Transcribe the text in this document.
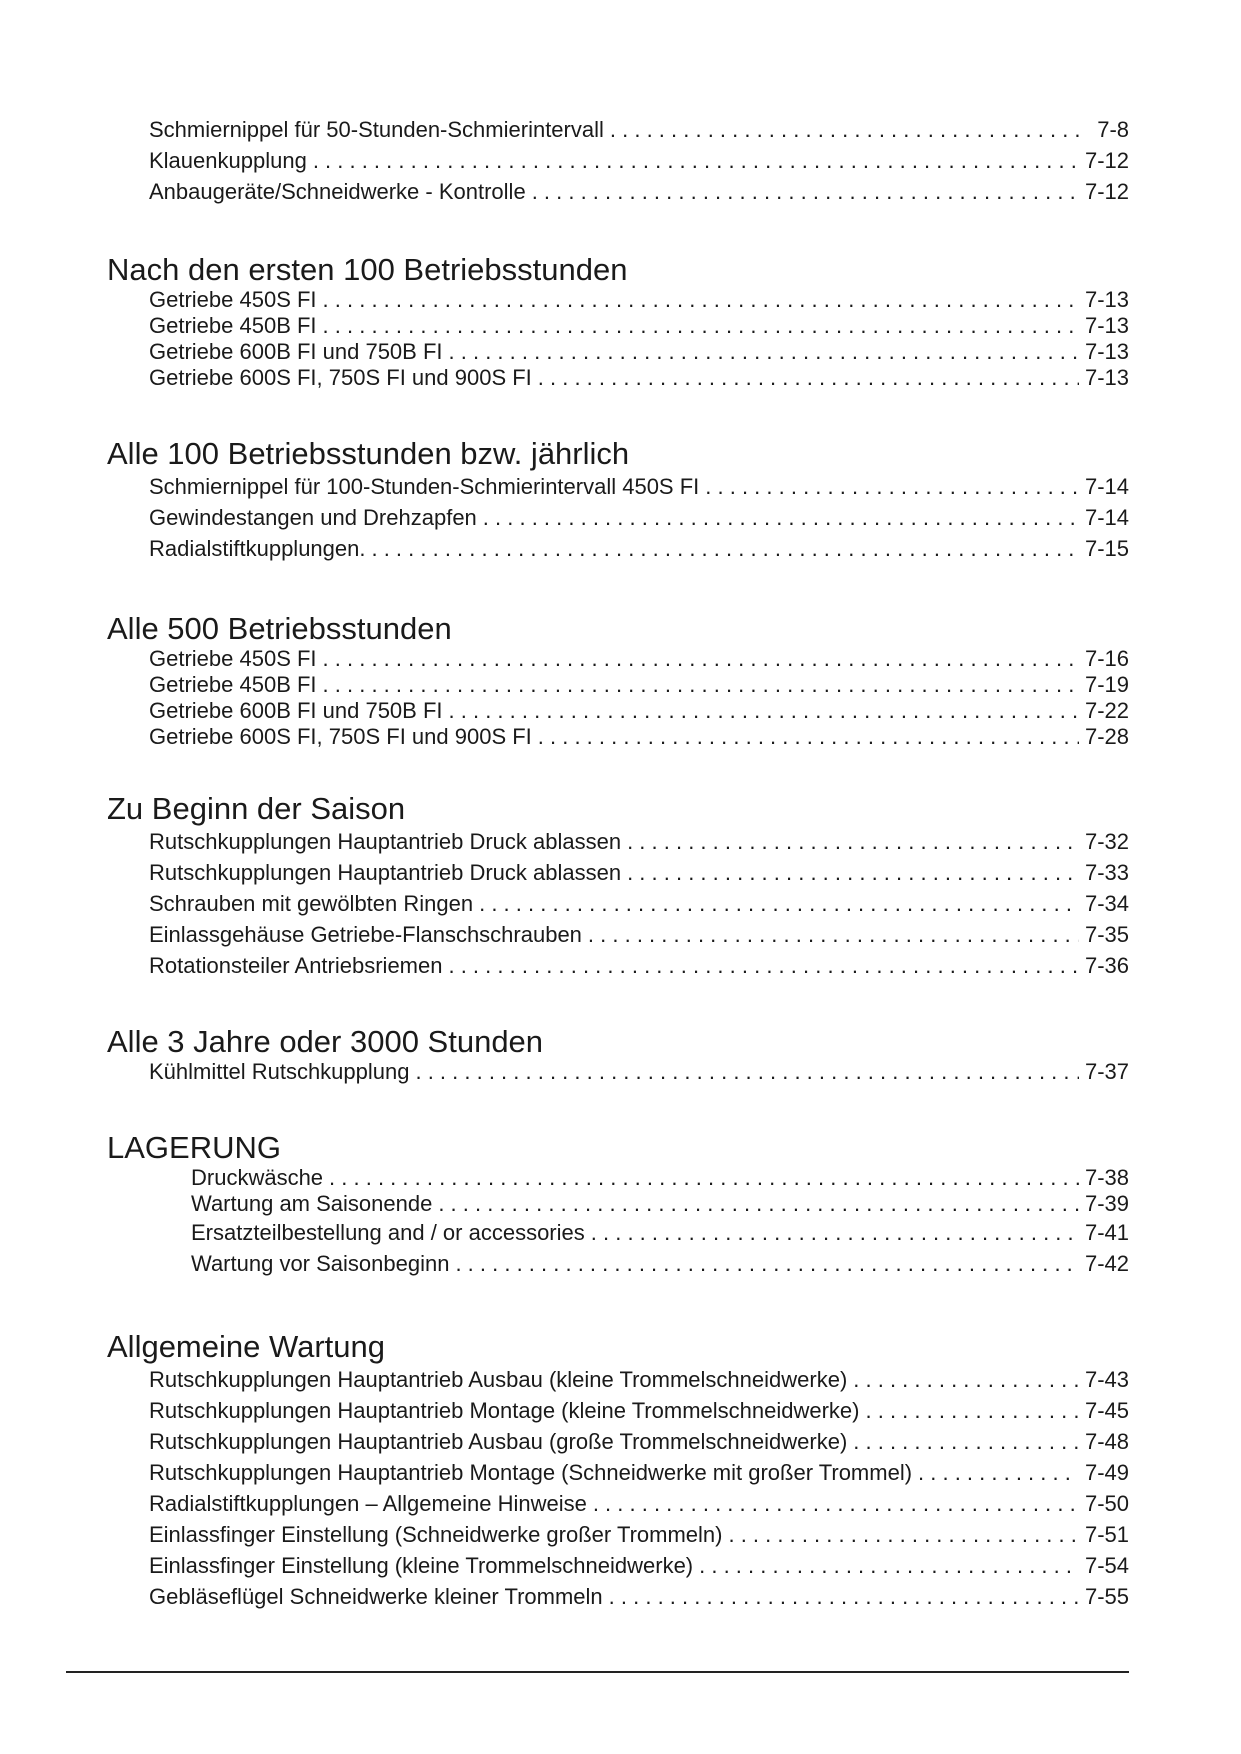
Schmiernippel für 50-Stunden-Schmierintervall . . .	7-8
Klauenkupplung . . .	7-12
Anbaugeräte/Schneidwerke - Kontrolle . . .	7-12
Nach den ersten 100 Betriebsstunden
Getriebe 450S FI . . .	7-13
Getriebe 450B FI . . .	7-13
Getriebe 600B FI und 750B FI . . .	7-13
Getriebe 600S FI, 750S FI und 900S FI . . .	7-13
Alle 100 Betriebsstunden bzw. jährlich
Schmiernippel für 100-Stunden-Schmierintervall 450S FI . . .	7-14
Gewindestangen und Drehzapfen . . .	7-14
Radialstiftkupplungen. . . .	7-15
Alle 500 Betriebsstunden
Getriebe 450S FI . . .	7-16
Getriebe 450B FI . . .	7-19
Getriebe 600B FI und 750B FI . . .	7-22
Getriebe 600S FI, 750S FI und 900S FI . . .	7-28
Zu Beginn der Saison
Rutschkupplungen Hauptantrieb Druck ablassen . . .	7-32
Rutschkupplungen Hauptantrieb Druck ablassen . . .	7-33
Schrauben mit gewölbten Ringen . . .	7-34
Einlassgehäuse Getriebe-Flanschschrauben . . .	7-35
Rotationsteiler Antriebsriemen . . .	7-36
Alle 3 Jahre oder 3000 Stunden
Kühlmittel Rutschkupplung . . .	7-37
LAGERUNG
Druckwäsche . . .	7-38
Wartung am Saisonende . . .	7-39
Ersatzteilbestellung and / or accessories . . .	7-41
Wartung vor Saisonbeginn . . .	7-42
Allgemeine Wartung
Rutschkupplungen Hauptantrieb Ausbau (kleine Trommelschneidwerke) . . .	7-43
Rutschkupplungen Hauptantrieb Montage (kleine Trommelschneidwerke) . . .	7-45
Rutschkupplungen Hauptantrieb Ausbau (große Trommelschneidwerke) . . .	7-48
Rutschkupplungen Hauptantrieb Montage (Schneidwerke mit großer Trommel) . . .	7-49
Radialstiftkupplungen – Allgemeine Hinweise . . .	7-50
Einlassfinger Einstellung (Schneidwerke großer Trommeln) . . .	7-51
Einlassfinger Einstellung (kleine Trommelschneidwerke) . . .	7-54
Gebläseflügel Schneidwerke kleiner Trommeln . . .	7-55
